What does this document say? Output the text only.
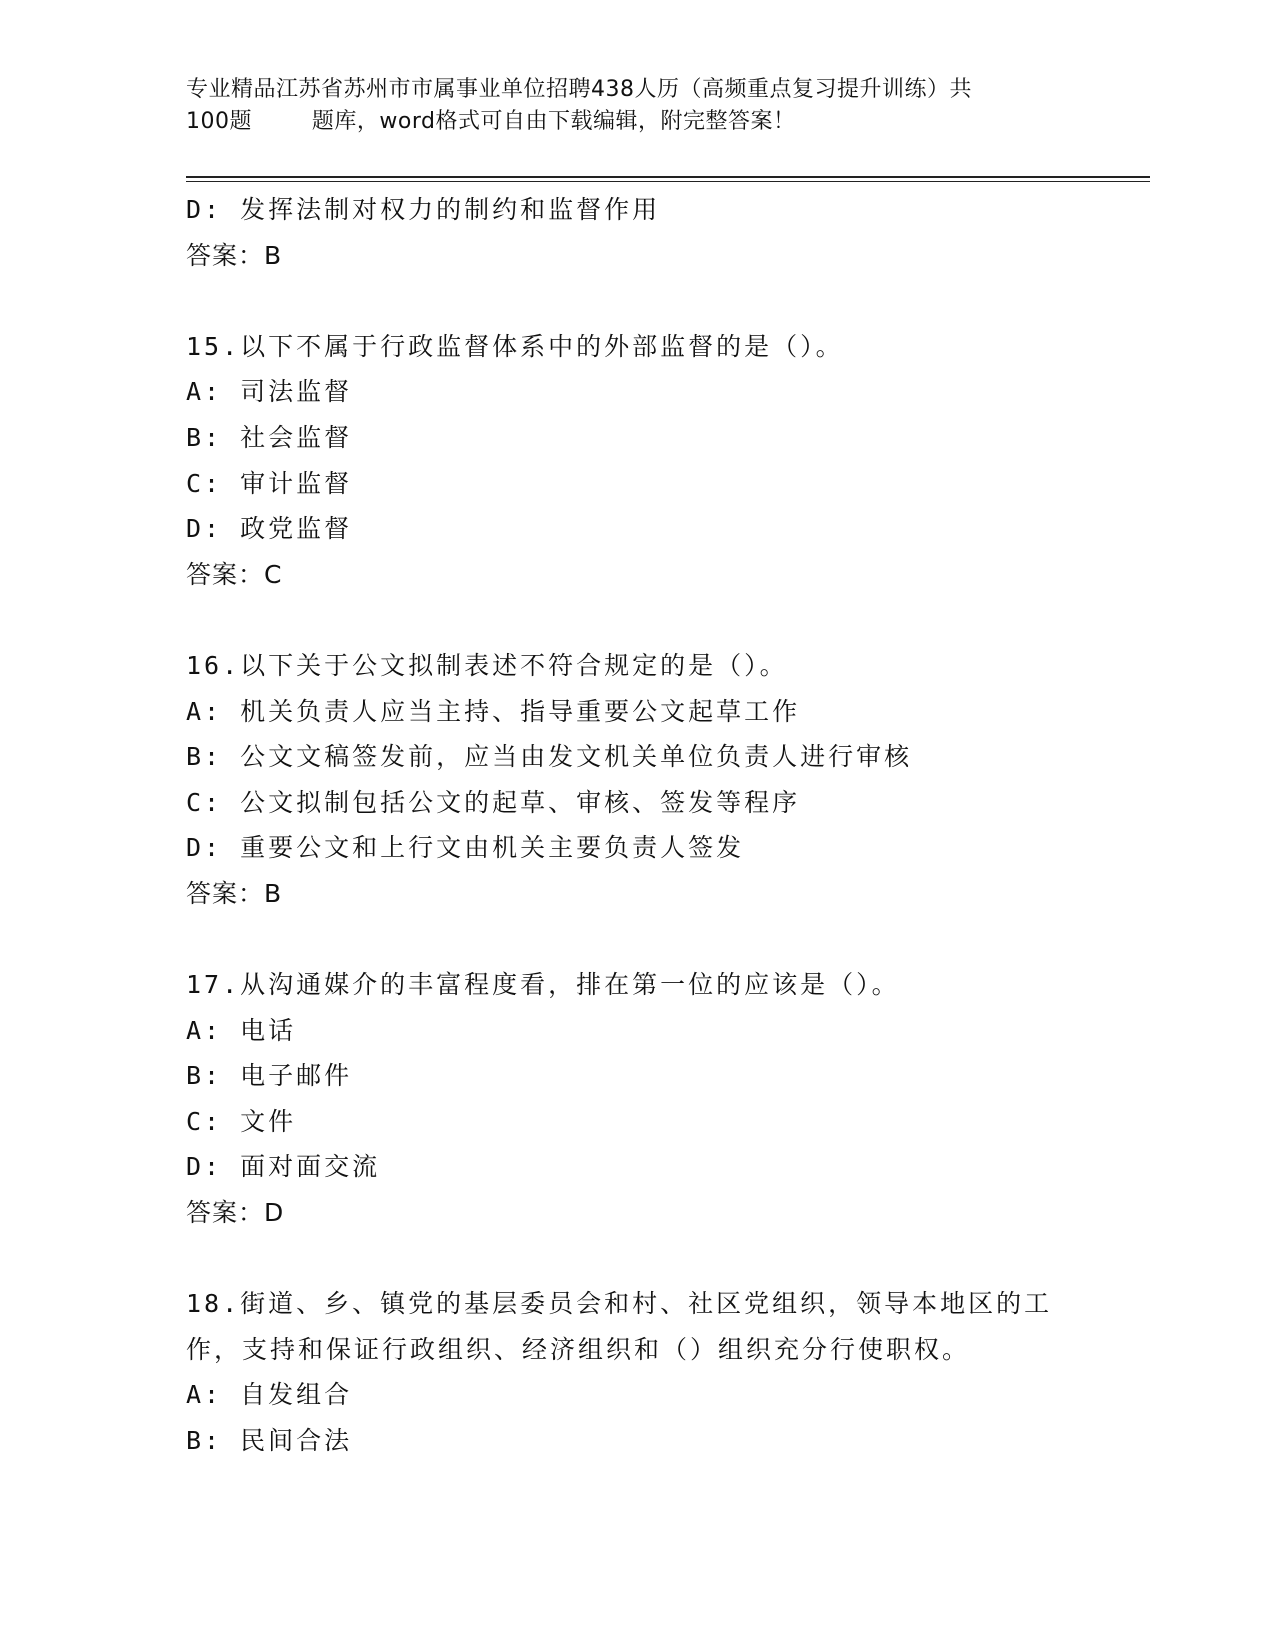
专业精品江苏省苏州市市属事业单位招聘438人历（高频重点复习提升训练）共

100题        题库，word格式可自由下载编辑，附完整答案！
D: 发挥法制对权力的制约和监督作用
答案：B
15.以下不属于行政监督体系中的外部监督的是（）。
A: 司法监督
B: 社会监督
C: 审计监督
D: 政党监督
答案：C
16.以下关于公文拟制表述不符合规定的是（）。
A: 机关负责人应当主持、指导重要公文起草工作
B: 公文文稿签发前，应当由发文机关单位负责人进行审核
C: 公文拟制包括公文的起草、审核、签发等程序
D: 重要公文和上行文由机关主要负责人签发
答案：B
17.从沟通媒介的丰富程度看，排在第一位的应该是（）。
A: 电话
B: 电子邮件
C: 文件
D: 面对面交流
答案：D
18.街道、乡、镇党的基层委员会和村、社区党组织，领导本地区的工
作，支持和保证行政组织、经济组织和（）组织充分行使职权。
A: 自发组合
B: 民间合法
